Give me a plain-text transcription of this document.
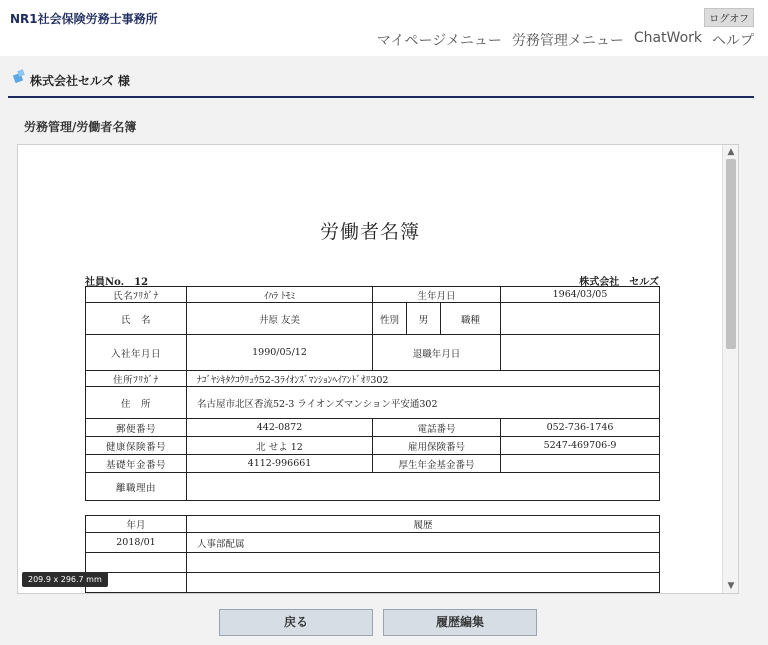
NR1社会保険労務士事務所	ログオフ
マイページメニュー 労務管理メニュー ChatWork ヘルプ
株式会社セルズ 様
労務管理/労働者名簿
労働者名簿
社員No.　12	株式会社　セルズ
氏名ﾌﾘｶﾞﾅ	ｲﾊﾗ ﾄﾓﾐ	生年月日			1964/03/05
氏　名	井原 友美	性別	男	職種	
入社年月日	1990/05/12	退職年月日			
住所ﾌﾘｶﾞﾅ	ﾅｺﾞﾔｼｷﾀｸｺｳﾘｭｳ52-3ﾗｲｵﾝｽﾞﾏﾝｼｮﾝﾍｲｱﾝﾄﾞｵﾘ302				
住　所	名古屋市北区香流52-3 ライオンズマンション平安通302				
郵便番号	442-0872	電話番号			052-736-1746
健康保険番号	北 せよ 12	雇用保険番号			5247-469706-9
基礎年金番号	4112-996661	厚生年金基金番号			
離職理由					
年月	履歴
2018/01	人事部配属

▲
▼
209.9 x 296.7 mm
戻る	履歴編集
